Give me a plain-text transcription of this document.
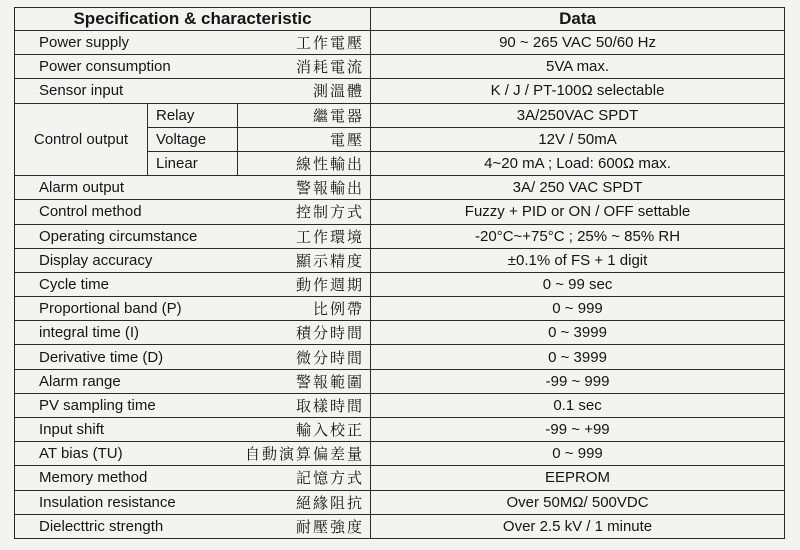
Specification & characteristic			Data
Power supply		工作電壓	90 ~ 265 VAC 50/60 Hz
Power consumption		消耗電流	5VA max.
Sensor input		測溫體	K / J / PT-100Ω selectable
Control output	Relay	繼電器	3A/250VAC SPDT
	Voltage	電壓	12V / 50mA
	Linear	線性輸出	4~20 mA ; Load: 600Ω max.
Alarm output		警報輸出	3A/ 250 VAC SPDT
Control method		控制方式	Fuzzy + PID or ON / OFF settable
Operating circumstance		工作環境	-20°C~+75°C ; 25% ~ 85% RH
Display accuracy		顯示精度	±0.1% of FS + 1 digit
Cycle time		動作週期	0 ~ 99 sec
Proportional band (P)		比例帶	0 ~ 999
integral time (I)		積分時間	0 ~ 3999
Derivative time (D)		微分時間	0 ~ 3999
Alarm range		警報範圍	-99 ~ 999
PV sampling time		取樣時間	0.1 sec
Input shift		輸入校正	-99 ~ +99
AT bias (TU)		自動演算偏差量	0 ~ 999
Memory method		記憶方式	EEPROM
Insulation resistance		絕緣阻抗	Over 50MΩ/ 500VDC
Dielecttric strength		耐壓強度	Over 2.5 kV / 1 minute
